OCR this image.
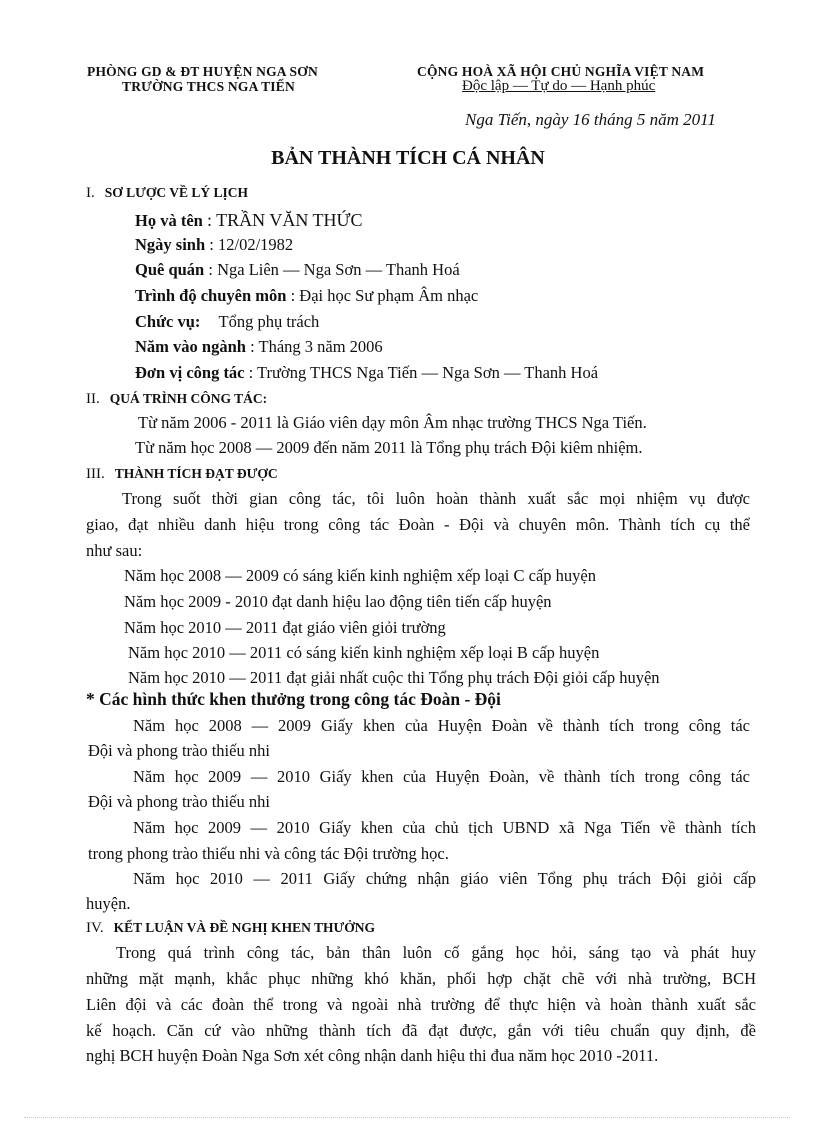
PHÒNG GD & ĐT HUYỆN NGA SƠN
TRƯỜNG THCS NGA TIẾN
CỘNG HOÀ XÃ HỘI CHỦ NGHĨA VIỆT NAM
Độc lập — Tự do — Hạnh phúc
Nga Tiến, ngày 16 tháng 5 năm 2011
BẢN THÀNH TÍCH CÁ NHÂN
I. SƠ LƯỢC VỀ LÝ LỊCH
Họ và tên : TRẦN VĂN THỨC
Ngày sinh : 12/02/1982
Quê quán : Nga Liên — Nga Sơn — Thanh Hoá
Trình độ chuyên môn : Đại học Sư phạm Âm nhạc
Chức vụ: Tổng phụ trách
Năm vào ngành : Tháng 3 năm 2006
Đơn vị công tác : Trường THCS Nga Tiến — Nga Sơn — Thanh Hoá
II. QUÁ TRÌNH CÔNG TÁC:
Từ năm 2006 - 2011 là Giáo viên dạy môn Âm nhạc trường THCS Nga Tiến.
Từ năm học 2008 — 2009 đến năm 2011 là Tổng phụ trách Đội kiêm nhiệm.
III. THÀNH TÍCH ĐẠT ĐƯỢC
Trong suốt thời gian công tác, tôi luôn hoàn thành xuất sắc mọi nhiệm vụ được
giao, đạt nhiều danh hiệu trong công tác Đoàn - Đội và chuyên môn. Thành tích cụ thể
như sau:
Năm học 2008 — 2009 có sáng kiến kinh nghiệm xếp loại C cấp huyện
Năm học 2009 - 2010 đạt danh hiệu lao động tiên tiến cấp huyện
Năm học 2010 — 2011 đạt giáo viên giỏi trường
Năm học 2010 — 2011 có sáng kiến kinh nghiệm xếp loại B cấp huyện
Năm học 2010 — 2011 đạt giải nhất cuộc thi Tổng phụ trách Đội giỏi cấp huyện
* Các hình thức khen thưởng trong công tác Đoàn - Đội
Năm học 2008 — 2009 Giấy khen của Huyện Đoàn về thành tích trong công tác
Đội và phong trào thiếu nhi
Năm học 2009 — 2010 Giấy khen của Huyện Đoàn, về thành tích trong công tác
Đội và phong trào thiếu nhi
Năm học 2009 — 2010 Giấy khen của chủ tịch UBND xã Nga Tiến về thành tích
trong phong trào thiếu nhi và công tác Đội trường học.
Năm học 2010 — 2011 Giấy chứng nhận giáo viên Tổng phụ trách Đội giỏi cấp
huyện.
IV. KẾT LUẬN VÀ ĐỀ NGHỊ KHEN THƯỞNG
Trong quá trình công tác, bản thân luôn cố gắng học hỏi, sáng tạo và phát huy
những mặt mạnh, khắc phục những khó khăn, phối hợp chặt chẽ với nhà trường, BCH
Liên đội và các đoàn thể trong và ngoài nhà trường để thực hiện và hoàn thành xuất sắc
kế hoạch. Căn cứ vào những thành tích đã đạt được, gắn với tiêu chuẩn quy định, đề
nghị BCH huyện Đoàn Nga Sơn xét công nhận danh hiệu thi đua năm học 2010 -2011.
